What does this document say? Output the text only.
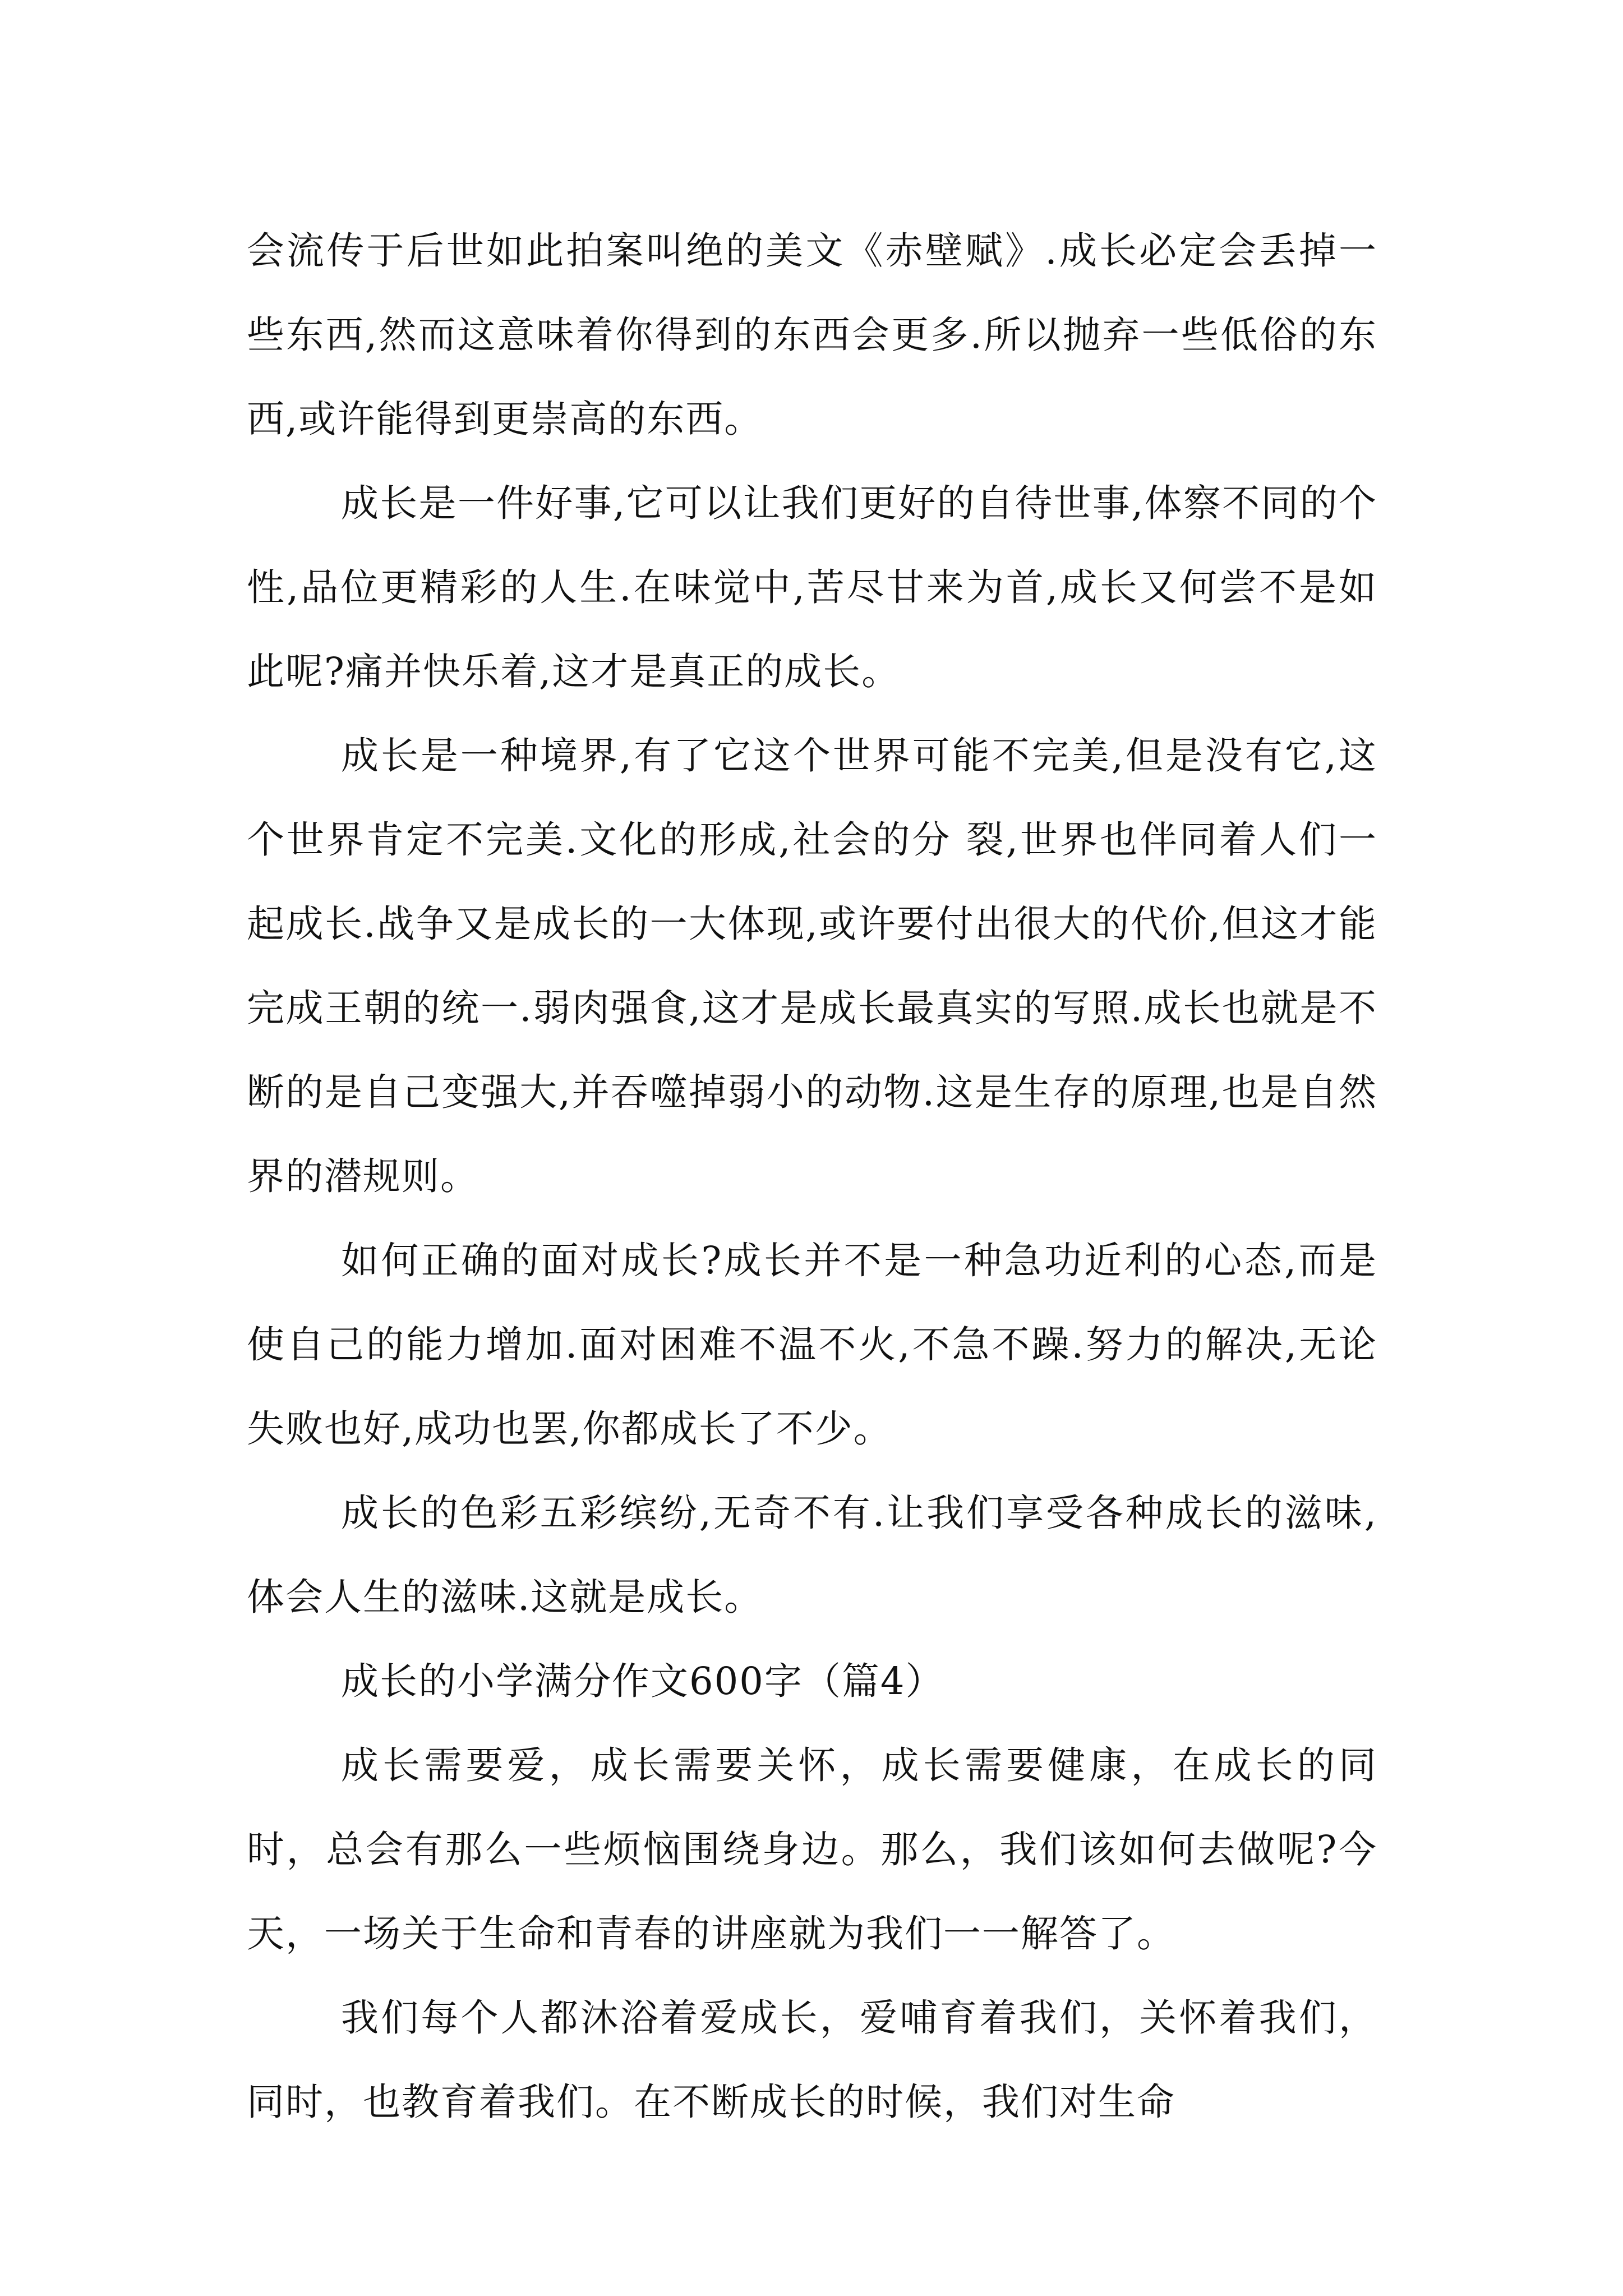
会流传于后世如此拍案叫绝的美文《赤壁赋》.成长必定会丢掉一些东西,然而这意味着你得到的东西会更多.所以抛弃一些低俗的东西,或许能得到更崇高的东西。

成长是一件好事,它可以让我们更好的自待世事,体察不同的个性,品位更精彩的人生.在味觉中,苦尽甘来为首,成长又何尝不是如此呢?痛并快乐着,这才是真正的成长。

成长是一种境界,有了它这个世界可能不完美,但是没有它,这个世界肯定不完美.文化的形成,社会的分 裂,世界也伴同着人们一起成长.战争又是成长的一大体现,或许要付出很大的代价,但这才能完成王朝的统一.弱肉强食,这才是成长最真实的写照.成长也就是不断的是自己变强大,并吞噬掉弱小的动物.这是生存的原理,也是自然界的潜规则。

如何正确的面对成长?成长并不是一种急功近利的心态,而是使自己的能力增加.面对困难不温不火,不急不躁.努力的解决,无论失败也好,成功也罢,你都成长了不少。

成长的色彩五彩缤纷,无奇不有.让我们享受各种成长的滋味,体会人生的滋味.这就是成长。

成长的小学满分作文600字（篇4）

成长需要爱，成长需要关怀，成长需要健康，在成长的同时，总会有那么一些烦恼围绕身边。那么，我们该如何去做呢?今天，一场关于生命和青春的讲座就为我们一一解答了。

我们每个人都沐浴着爱成长，爱哺育着我们，关怀着我们，同时，也教育着我们。在不断成长的时候，我们对生命
